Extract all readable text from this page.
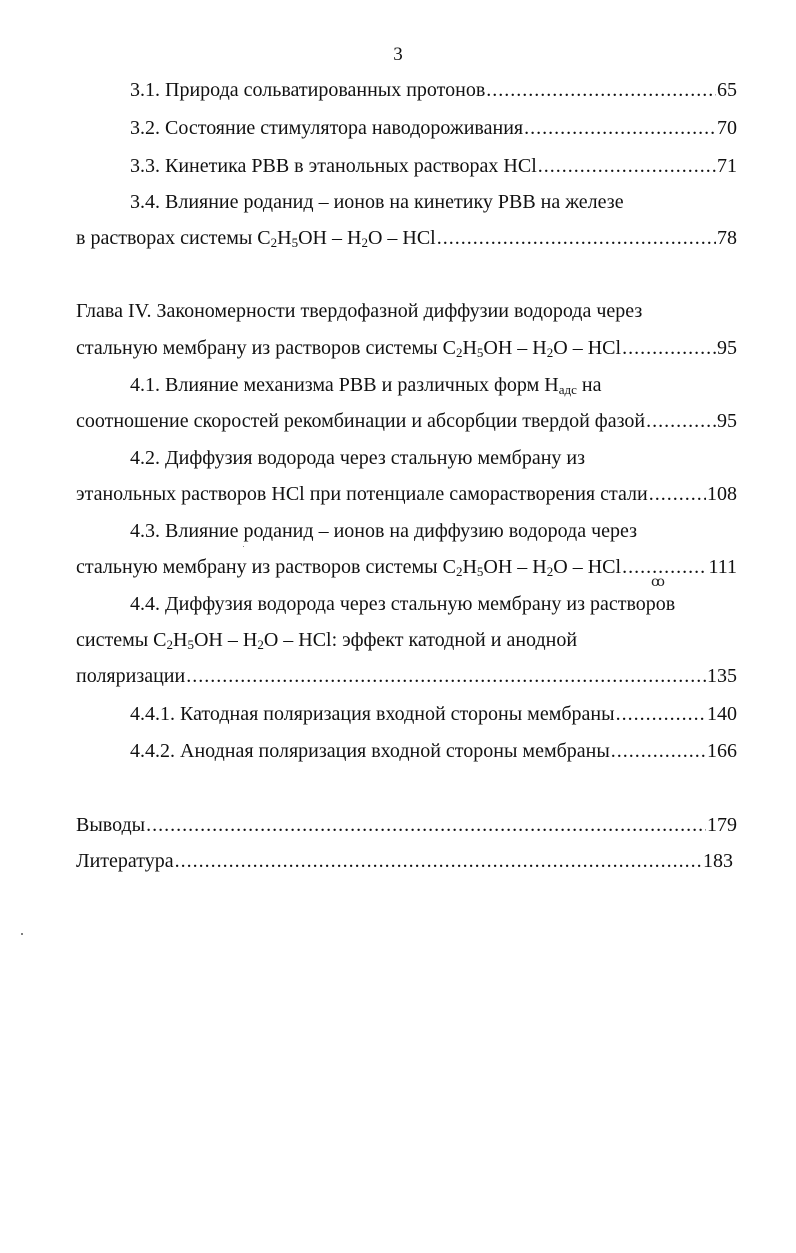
3
3.1. Природа сольватированных протонов .....	65
3.2. Состояние стимулятора наводороживания .....	70
3.3. Кинетика РВВ в этанольных растворах HCl .....	71
3.4. Влияние роданид – ионов на кинетику РВВ на железе
в растворах системы $C_2H_5OH - H_2O$ – HCl .....	78
Глава IV. Закономерности твердофазной диффузии водорода через
стальную мембрану из растворов системы $C_2H_5OH - H_2O$ – HCl .....	95
4.1. Влияние механизма РВВ и различных форм $H_{адс}$ на
соотношение скоростей рекомбинации и абсорбции твердой фазой .....	95
4.2. Диффузия водорода через стальную мембрану из
этанольных растворов HCl при потенциале саморастворения стали .....	108
4.3. Влияние роданид – ионов на диффузию водорода через
стальную мембрану из растворов системы $C_2H_5OH - H_2O$ – HCl .....	111
ꝏ
4.4. Диффузия водорода через стальную мембрану из растворов
системы $C_2H_5OH - H_2O$ – HCl: эффект катодной и анодной
поляризации .....	135
4.4.1. Катодная поляризация входной стороны мембраны .....	140
4.4.2. Анодная поляризация входной стороны мембраны .....	166
Выводы .....	179
Литература .....	183
